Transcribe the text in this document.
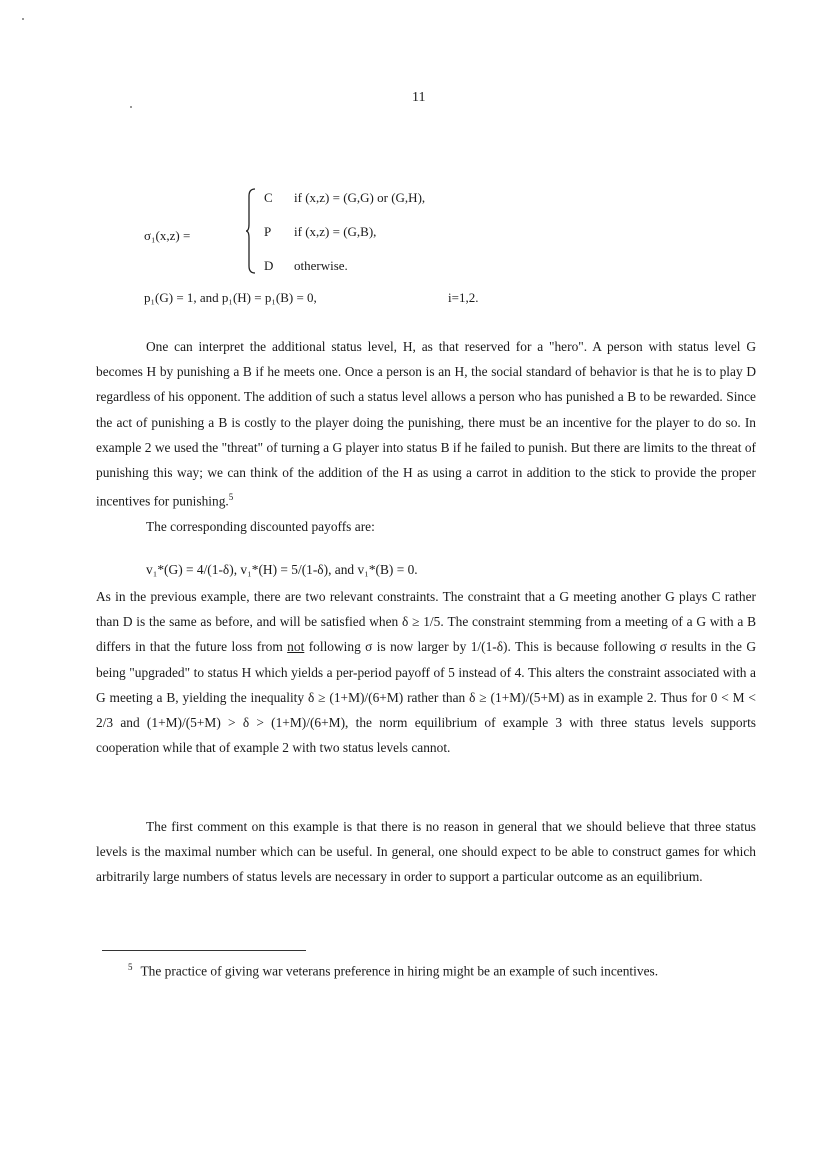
11
σ₁(x,z) =
C if (x,z) = (G,G) or (G,H),
P if (x,z) = (G,B),
D otherwise.
p₁(G) = 1, and p₁(H) = p₁(B) = 0,	i=1,2.

One can interpret the additional status level, H, as that reserved for a "hero". A person with status level G becomes H by punishing a B if he meets one. Once a person is an H, the social standard of behavior is that he is to play D regardless of his opponent. The addition of such a status level allows a person who has punished a B to be rewarded. Since the act of punishing a B is costly to the player doing the punishing, there must be an incentive for the player to do so. In example 2 we used the "threat" of turning a G player into status B if he failed to punish. But there are limits to the threat of punishing this way; we can think of the addition of the H as using a carrot in addition to the stick to provide the proper incentives for punishing.$^5$

The corresponding discounted payoffs are:

v₁*(G) = 4/(1-δ), v₁*(H) = 5/(1-δ), and v₁*(B) = 0.

As in the previous example, there are two relevant constraints. The constraint that a G meeting another G plays C rather than D is the same as before, and will be satisfied when δ ≥ 1/5. The constraint stemming from a meeting of a G with a B differs in that the future loss from not following σ is now larger by 1/(1-δ). This is because following σ results in the G being "upgraded" to status H which yields a per-period payoff of 5 instead of 4. This alters the constraint associated with a G meeting a B, yielding the inequality δ ≥ (1+M)/(6+M) rather than δ ≥ (1+M)/(5+M) as in example 2. Thus for 0 < M < 2/3 and (1+M)/(5+M) > δ > (1+M)/(6+M), the norm equilibrium of example 3 with three status levels supports cooperation while that of example 2 with two status levels cannot.

The first comment on this example is that there is no reason in general that we should believe that three status levels is the maximal number which can be useful. In general, one should expect to be able to construct games for which arbitrarily large numbers of status levels are necessary in order to support a particular outcome as an equilibrium.

$^5$ The practice of giving war veterans preference in hiring might be an example of such incentives.
